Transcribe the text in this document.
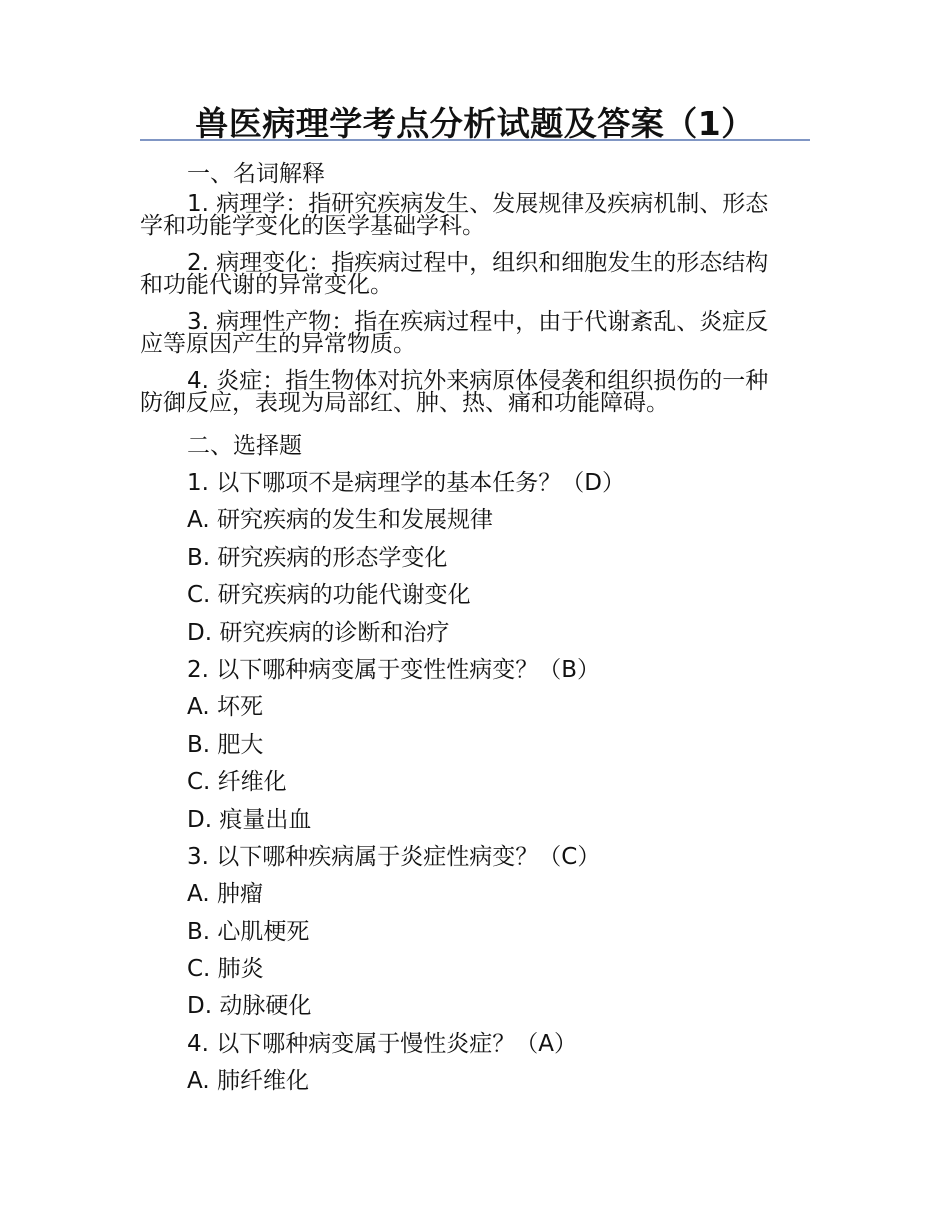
兽医病理学考点分析试题及答案（1）
一、名词解释
1. 病理学：指研究疾病发生、发展规律及疾病机制、形态
学和功能学变化的医学基础学科。
2. 病理变化：指疾病过程中，组织和细胞发生的形态结构
和功能代谢的异常变化。
3. 病理性产物：指在疾病过程中，由于代谢紊乱、炎症反
应等原因产生的异常物质。
4. 炎症：指生物体对抗外来病原体侵袭和组织损伤的一种
防御反应，表现为局部红、肿、热、痛和功能障碍。
二、选择题
1. 以下哪项不是病理学的基本任务？（D）
A. 研究疾病的发生和发展规律
B. 研究疾病的形态学变化
C. 研究疾病的功能代谢变化
D. 研究疾病的诊断和治疗
2. 以下哪种病变属于变性性病变？（B）
A. 坏死
B. 肥大
C. 纤维化
D. 痕量出血
3. 以下哪种疾病属于炎症性病变？（C）
A. 肿瘤
B. 心肌梗死
C. 肺炎
D. 动脉硬化
4. 以下哪种病变属于慢性炎症？（A）
A. 肺纤维化
